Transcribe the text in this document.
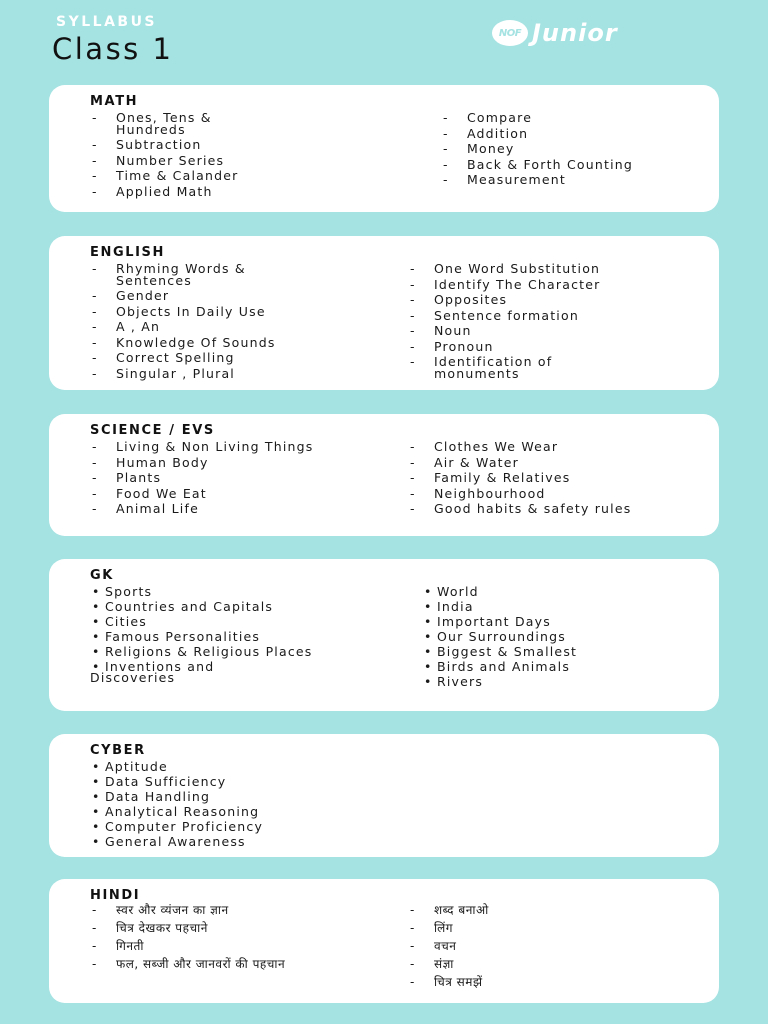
SYLLABUS
Class 1	NOF Junior
MATH
- Ones, Tens & Hundreds
- Subtraction
- Number Series
- Time & Calander
- Applied Math
- Compare
- Addition
- Money
- Back & Forth Counting
- Measurement
ENGLISH
- Rhyming Words & Sentences
- Gender
- Objects In Daily Use
- A , An
- Knowledge Of Sounds
- Correct Spelling
- Singular , Plural
- One Word Substitution
- Identify The Character
- Opposites
- Sentence formation
- Noun
- Pronoun
- Identification of monuments
SCIENCE / EVS
- Living & Non Living Things
- Human Body
- Plants
- Food We Eat
- Animal Life
- Clothes We Wear
- Air & Water
- Family & Relatives
- Neighbourhood
- Good habits & safety rules
GK
• Sports
• Countries and Capitals
• Cities
• Famous Personalities
• Religions & Religious Places
• Inventions and Discoveries
• World
• India
• Important Days
• Our Surroundings
• Biggest & Smallest
• Birds and Animals
• Rivers
CYBER
• Aptitude
• Data Sufficiency
• Data Handling
• Analytical Reasoning
• Computer Proficiency
• General Awareness
HINDI
- स्वर और व्यंजन का ज्ञान
- चित्र देखकर पहचाने
- गिनती
- फल, सब्जी और जानवरों की पहचान
- शब्द बनाओ
- लिंग
- वचन
- संज्ञा
- चित्र समझें
